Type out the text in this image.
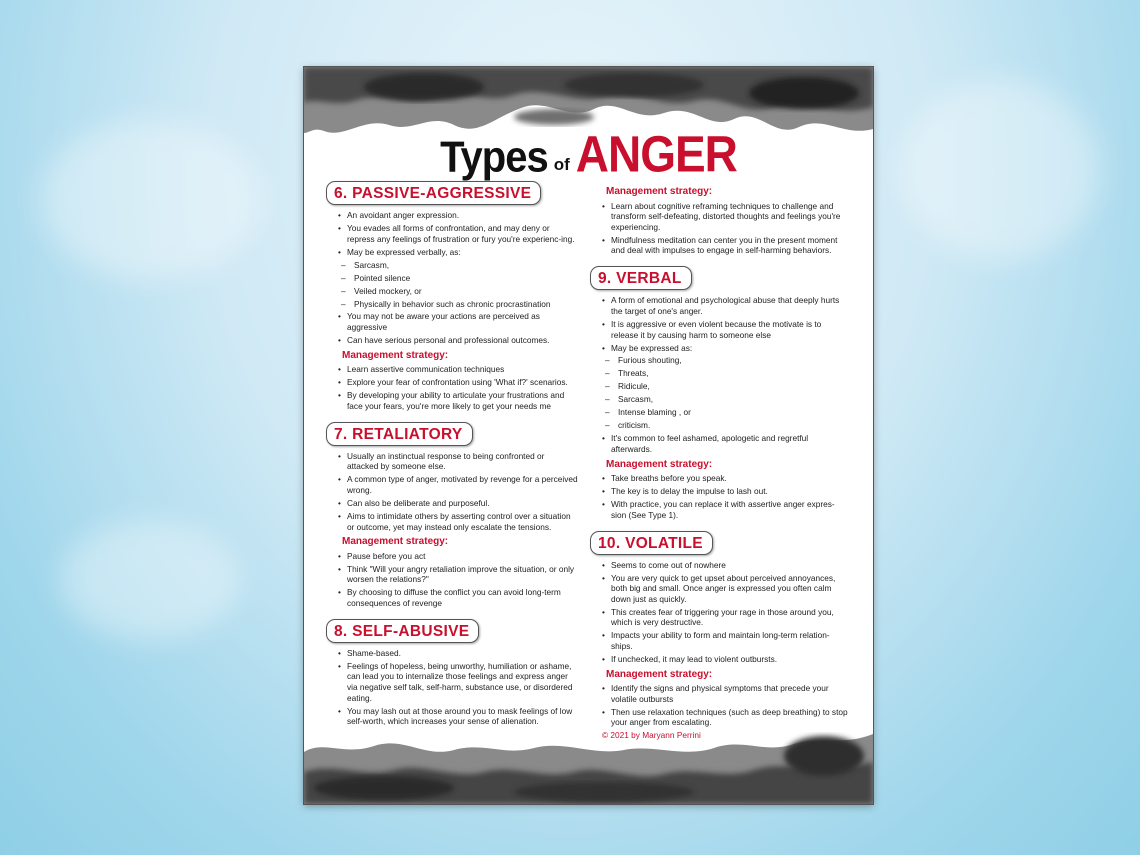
Types of ANGER
6. PASSIVE-AGGRESSIVE
• An avoidant anger expression.
• You evades all forms of confrontation, and may deny or repress any feelings of frustration or fury you're experienc-ing.
• May be expressed verbally, as:
– Sarcasm,
– Pointed silence
– Veiled mockery, or
– Physically in behavior such as chronic procrastination
• You may not be aware your actions are perceived as aggressive
• Can have serious personal and professional outcomes.
Management strategy:
• Learn assertive communication techniques
• Explore your fear of confrontation using 'What if?' scenarios.
• By developing your ability to articulate your frustrations and face your fears, you're more likely to get your needs me
7. RETALIATORY
• Usually an instinctual response to being confronted or attacked by someone else.
• A common type of anger, motivated by revenge for a perceived wrong.
• Can also be deliberate and purposeful.
• Aims to intimidate others by asserting control over a situation or outcome, yet may instead only escalate the tensions.
Management strategy:
• Pause before you act
• Think "Will your angry retaliation improve the situation, or only worsen the relations?"
• By choosing to diffuse the conflict you can avoid long-term consequences of revenge
8. SELF-ABUSIVE
• Shame-based.
• Feelings of hopeless, being unworthy, humiliation or ashame, can lead you to internalize those feelings and express anger via negative self talk, self-harm, substance use, or disordered eating.
• You may lash out at those around you to mask feelings of low self-worth, which increases your sense of alienation.
Management strategy:
• Learn about cognitive reframing techniques to challenge and transform self-defeating, distorted thoughts and feelings you're experiencing.
• Mindfulness meditation can center you in the present moment and deal with impulses to engage in self-harming behaviors.
9. VERBAL
• A form of emotional and psychological abuse that deeply hurts the target of one's anger.
• It is aggressive or even violent because the motivate is to release it by causing harm to someone else
• May be expressed as:
– Furious shouting,
– Threats,
– Ridicule,
– Sarcasm,
– Intense blaming , or
– criticism.
• It's common to feel ashamed, apologetic and regretful afterwards.
Management strategy:
• Take breaths before you speak.
• The key is to delay the impulse to lash out.
• With practice, you can replace it with assertive anger expres-sion (See Type 1).
10. VOLATILE
• Seems to come out of nowhere
• You are very quick to get upset about perceived annoyances, both big and small. Once anger is expressed you often calm down just as quickly.
• This creates fear of triggering your rage in those around you, which is very destructive.
• Impacts your ability to form and maintain long-term relation-ships.
• If unchecked, it may lead to violent outbursts.
Management strategy:
• Identify the signs and physical symptoms that precede your volatile outbursts
• Then use relaxation techniques (such as deep breathing) to stop your anger from escalating.
© 2021 by Maryann Perrini
